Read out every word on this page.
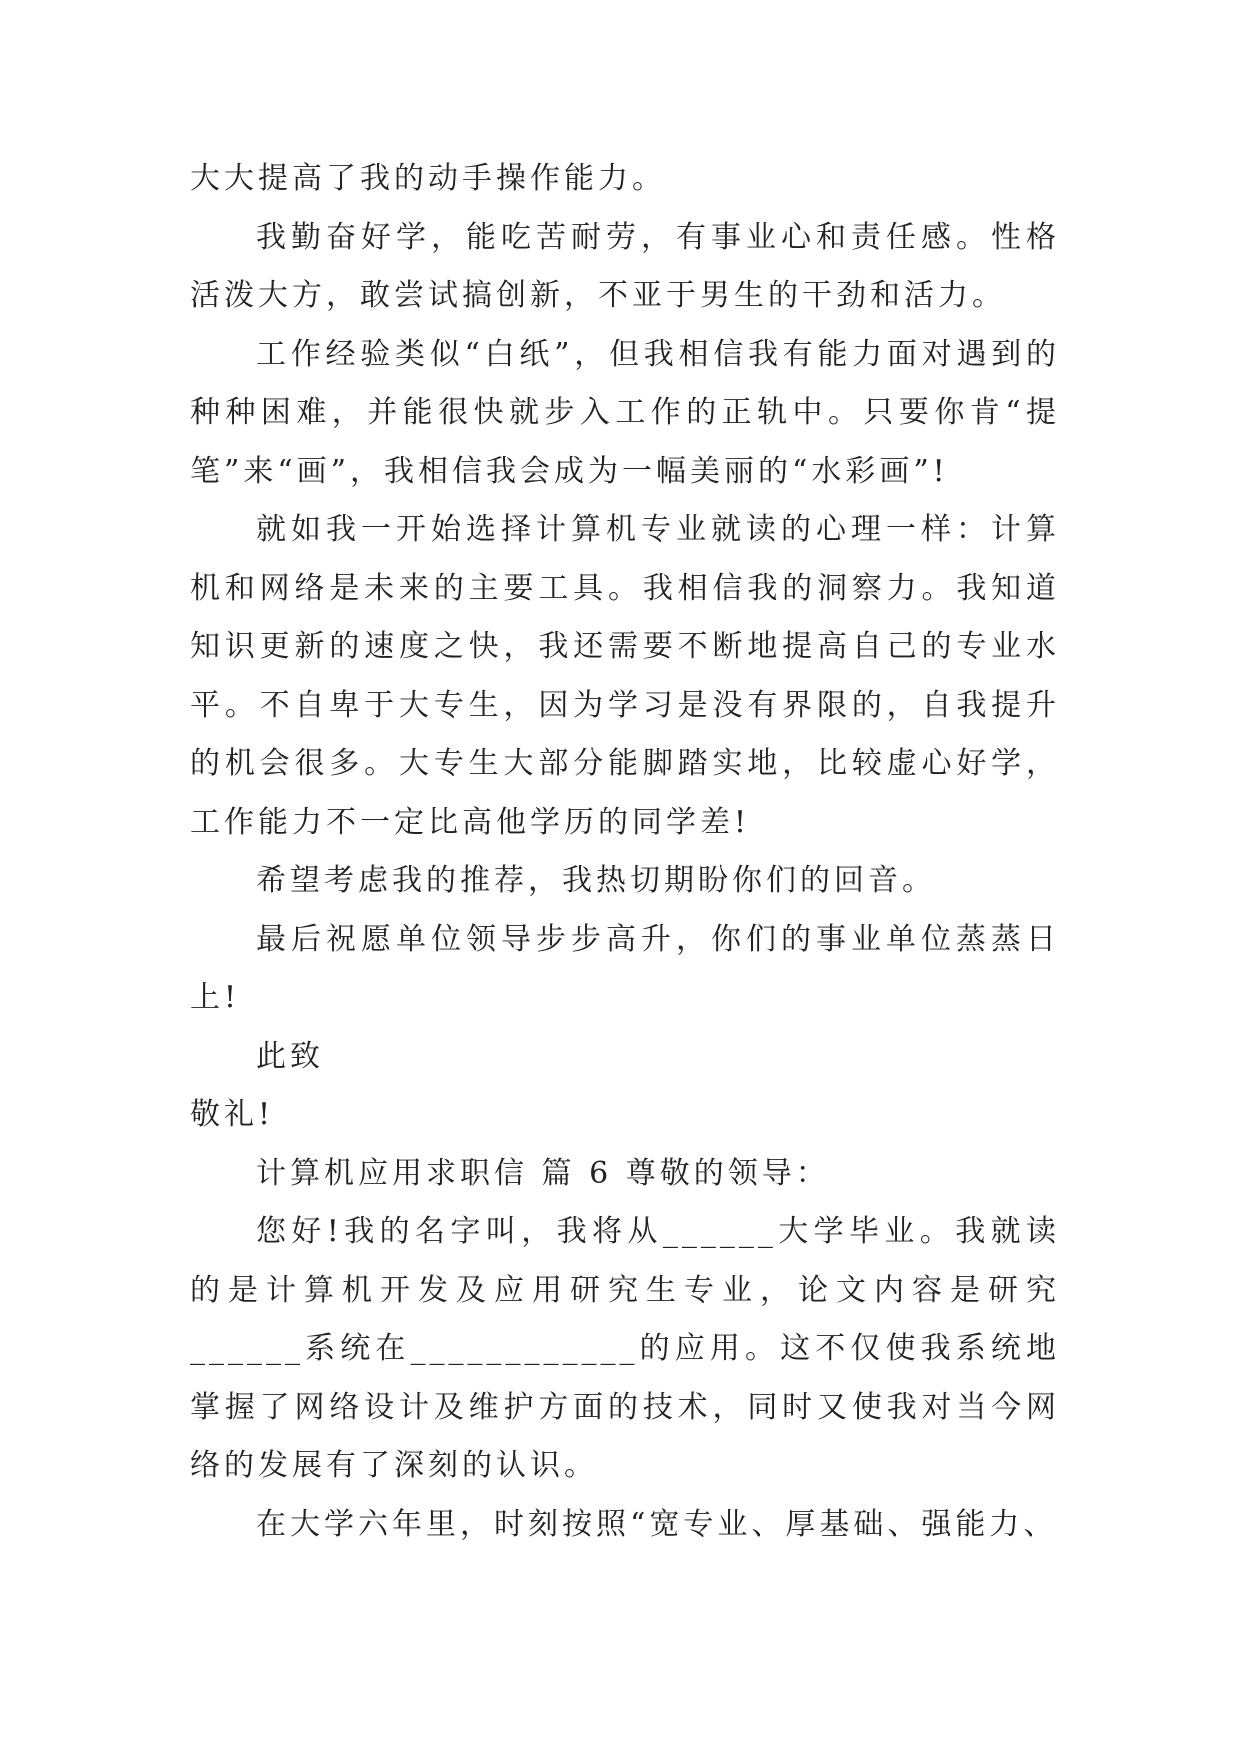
大大提高了我的动手操作能力。

我勤奋好学，能吃苦耐劳，有事业心和责任感。性格活泼大方，敢尝试搞创新，不亚于男生的干劲和活力。

工作经验类似“白纸”，但我相信我有能力面对遇到的种种困难，并能很快就步入工作的正轨中。只要你肯“提笔”来“画”，我相信我会成为一幅美丽的“水彩画”!

就如我一开始选择计算机专业就读的心理一样：计算机和网络是未来的主要工具。我相信我的洞察力。我知道知识更新的速度之快，我还需要不断地提高自己的专业水平。不自卑于大专生，因为学习是没有界限的，自我提升的机会很多。大专生大部分能脚踏实地，比较虚心好学，工作能力不一定比高他学历的同学差!

希望考虑我的推荐，我热切期盼你们的回音。

最后祝愿单位领导步步高升，你们的事业单位蒸蒸日上!

此致

敬礼!

计算机应用求职信 篇 6 尊敬的领导：

您好!我的名字叫，我将从______大学毕业。我就读的是计算机开发及应用研究生专业，论文内容是研究______系统在____________的应用。这不仅使我系统地掌握了网络设计及维护方面的技术，同时又使我对当今网络的发展有了深刻的认识。

在大学六年里，时刻按照“宽专业、厚基础、强能力、
